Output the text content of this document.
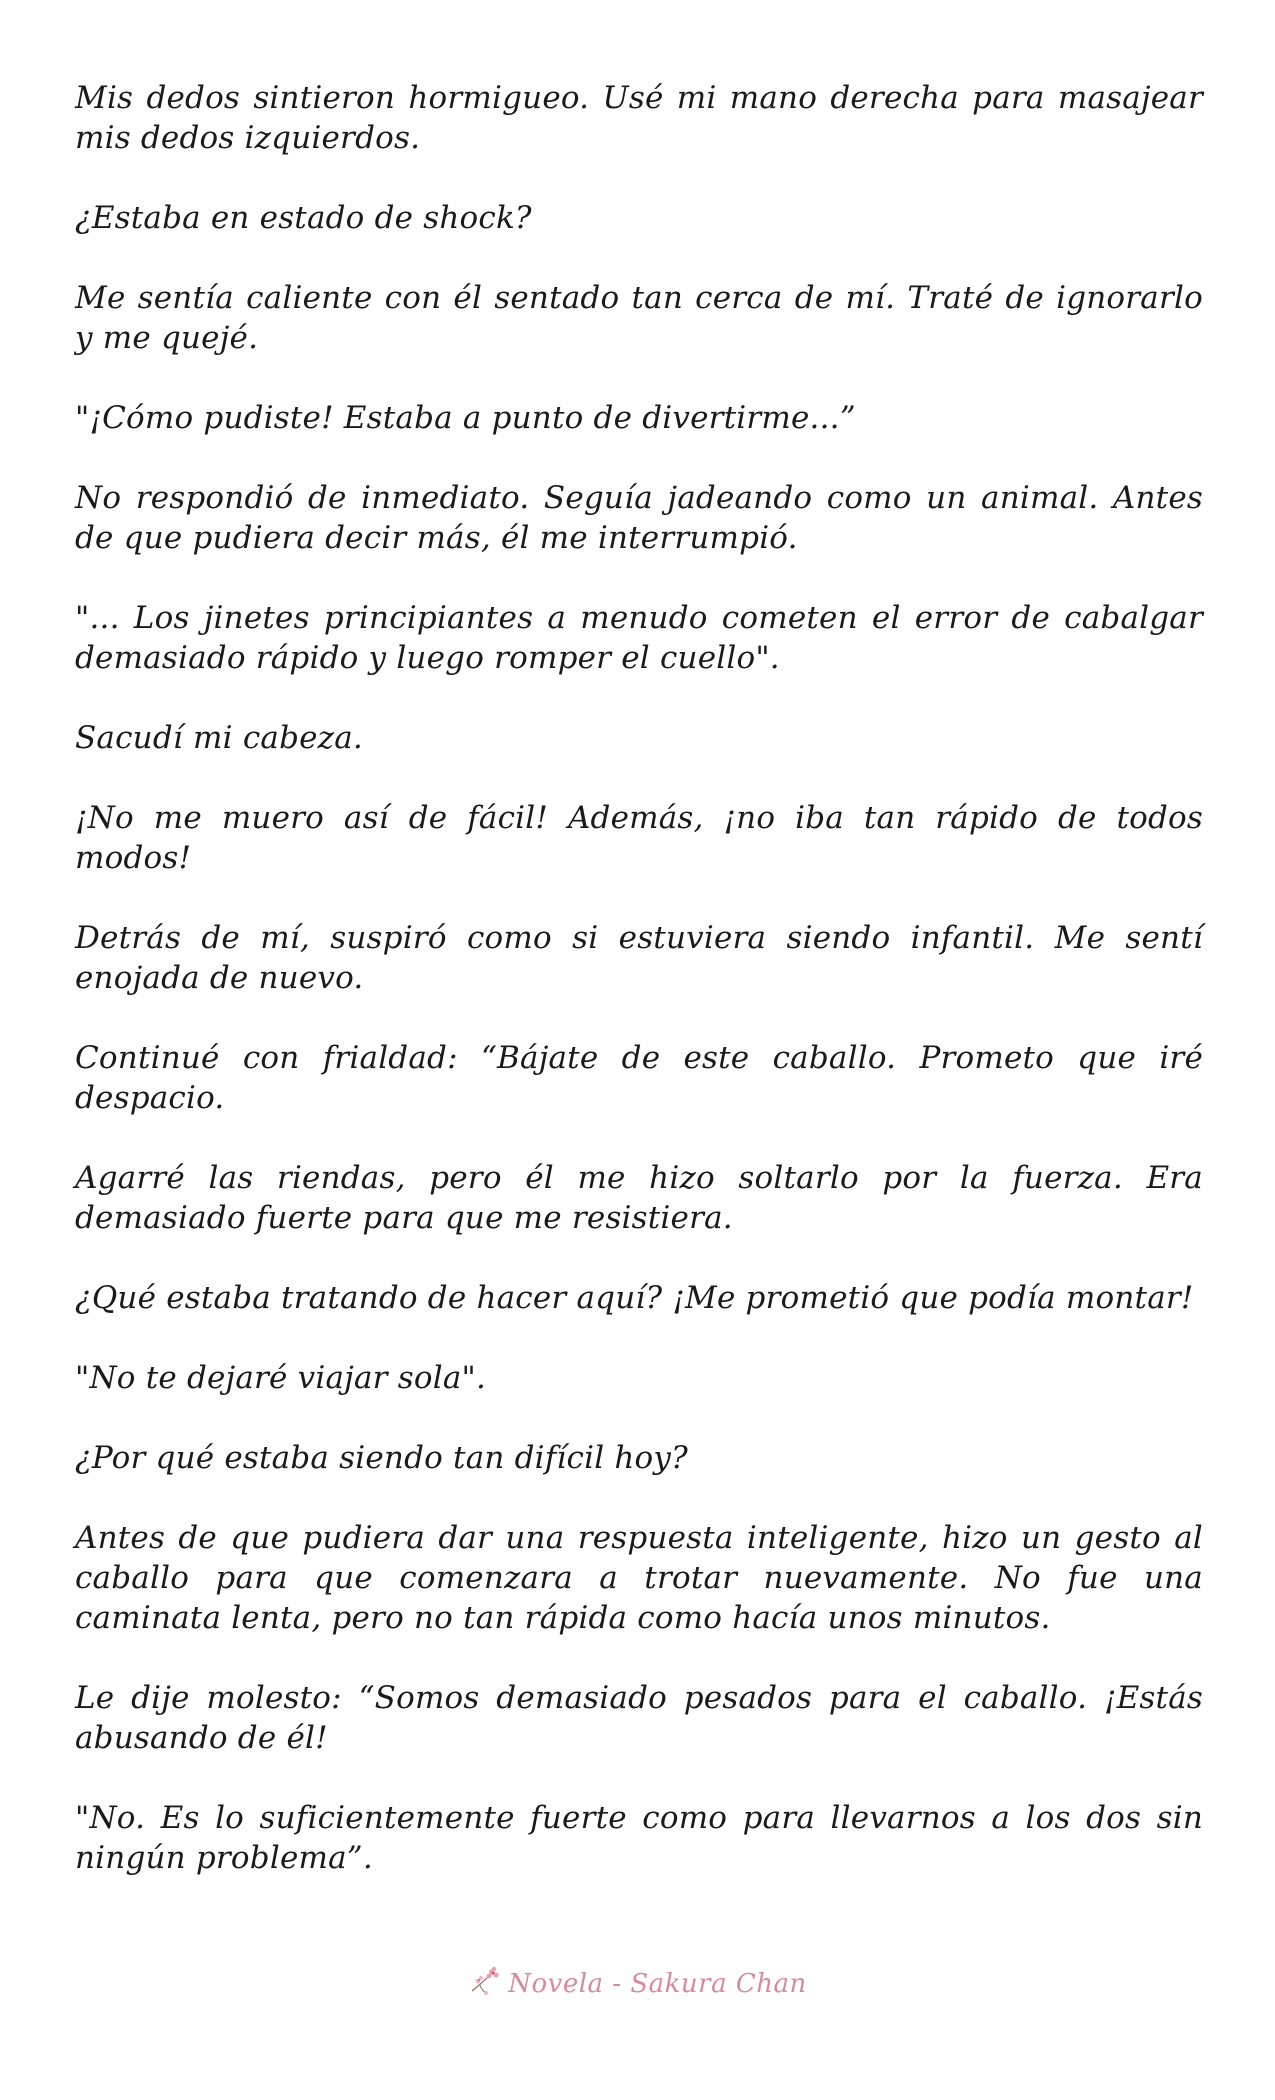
Mis dedos sintieron hormigueo. Usé mi mano derecha para masajear mis dedos izquierdos.

¿Estaba en estado de shock?

Me sentía caliente con él sentado tan cerca de mí. Traté de ignorarlo y me quejé.

"¡Cómo pudiste! Estaba a punto de divertirme...”

No respondió de inmediato. Seguía jadeando como un animal. Antes de que pudiera decir más, él me interrumpió.

"... Los jinetes principiantes a menudo cometen el error de cabalgar demasiado rápido y luego romper el cuello".

Sacudí mi cabeza.

¡No me muero así de fácil! Además, ¡no iba tan rápido de todos modos!

Detrás de mí, suspiró como si estuviera siendo infantil. Me sentí enojada de nuevo.

Continué con frialdad: “Bájate de este caballo. Prometo que iré despacio.

Agarré las riendas, pero él me hizo soltarlo por la fuerza. Era demasiado fuerte para que me resistiera.

¿Qué estaba tratando de hacer aquí? ¡Me prometió que podía montar!

"No te dejaré viajar sola".

¿Por qué estaba siendo tan difícil hoy?

Antes de que pudiera dar una respuesta inteligente, hizo un gesto al caballo para que comenzara a trotar nuevamente. No fue una caminata lenta, pero no tan rápida como hacía unos minutos.

Le dije molesto: “Somos demasiado pesados para el caballo. ¡Estás abusando de él!

"No. Es lo suficientemente fuerte como para llevarnos a los dos sin ningún problema”.

Novela - Sakura Chan
